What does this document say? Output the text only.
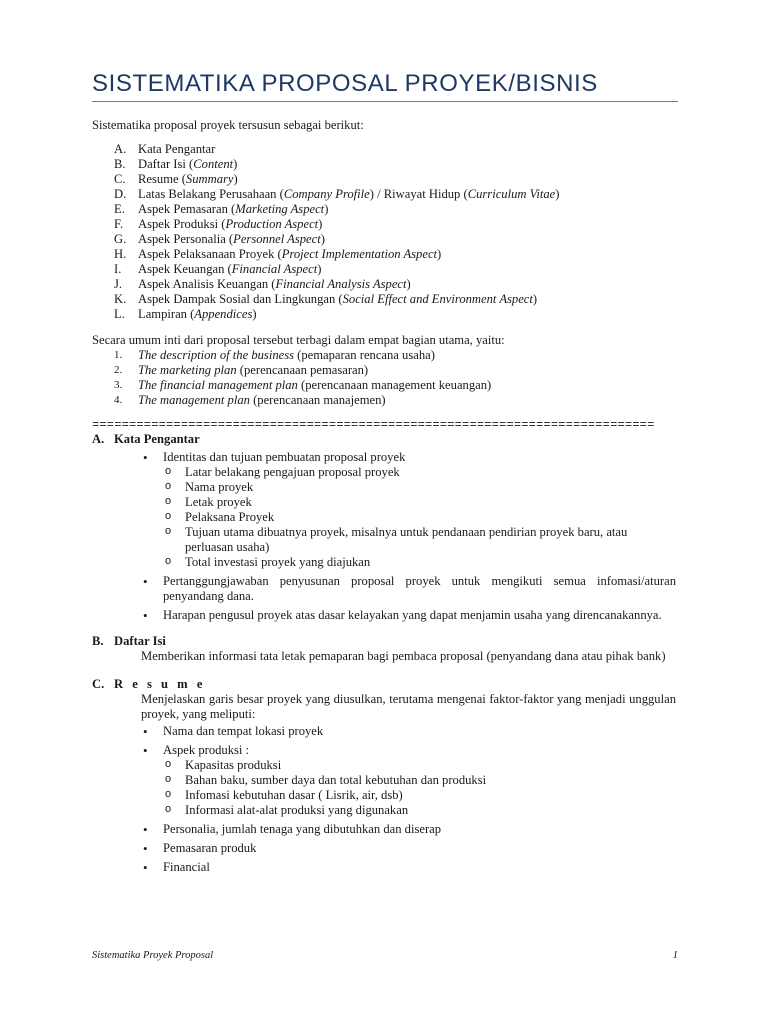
SISTEMATIKA PROPOSAL PROYEK/BISNIS

Sistematika proposal proyek tersusun sebagai berikut:

A. Kata Pengantar
B. Daftar Isi (Content)
C. Resume (Summary)
D. Latas Belakang Perusahaan (Company Profile) / Riwayat Hidup (Curriculum Vitae)
E.	Aspek Pemasaran (Marketing Aspect)
F.	Aspek Produksi (Production Aspect)
G. Aspek Personalia (Personnel Aspect)
H. Aspek Pelaksanaan Proyek (Project Implementation Aspect)
I.	Aspek Keuangan (Financial Aspect)
J.	Aspek Analisis Keuangan (Financial Analysis Aspect)
K. Aspek Dampak Sosial dan Lingkungan (Social Effect and Environment Aspect)
L.	Lampiran (Appendices)

Secara umum inti dari proposal tersebut terbagi dalam empat bagian utama, yaitu:

1.	The description of the business (pemaparan rencana usaha)
2.	The marketing plan (perencanaan pemasaran)
3.	The financial management plan (perencanaan management keuangan)
4.	The management plan (perencanaan manajemen)

============================================================================

A. Kata Pengantar
• Identitas dan tujuan pembuatan proposal proyek
o Latar belakang pengajuan proposal proyek
o Nama proyek
o Letak proyek
o Pelaksana Proyek
o Tujuan utama dibuatnya proyek, misalnya untuk pendanaan pendirian proyek baru, atau perluasan usaha)
o Total investasi proyek yang diajukan
• Pertanggungjawaban penyusunan proposal proyek untuk mengikuti semua infomasi/aturan penyandang dana.
• Harapan pengusul proyek atas dasar kelayakan yang dapat menjamin usaha yang direncanakannya.
B. Daftar Isi

Memberikan informasi tata letak pemaparan bagi pembaca proposal (penyandang dana atau pihak bank)

C. R e s u m e

Menjelaskan garis besar proyek yang diusulkan, terutama mengenai faktor-faktor yang menjadi unggulan proyek, yang meliputi:

• Nama dan tempat lokasi proyek
• Aspek produksi :
o Kapasitas produksi
o Bahan baku, sumber daya dan total kebutuhan dan produksi
o Infomasi kebutuhan dasar ( Lisrik, air, dsb)
o Informasi alat-alat produksi yang digunakan
• Personalia, jumlah tenaga yang dibutuhkan dan diserap
• Pemasaran produk
• Financial
Sistematika Proyek Proposal	1
